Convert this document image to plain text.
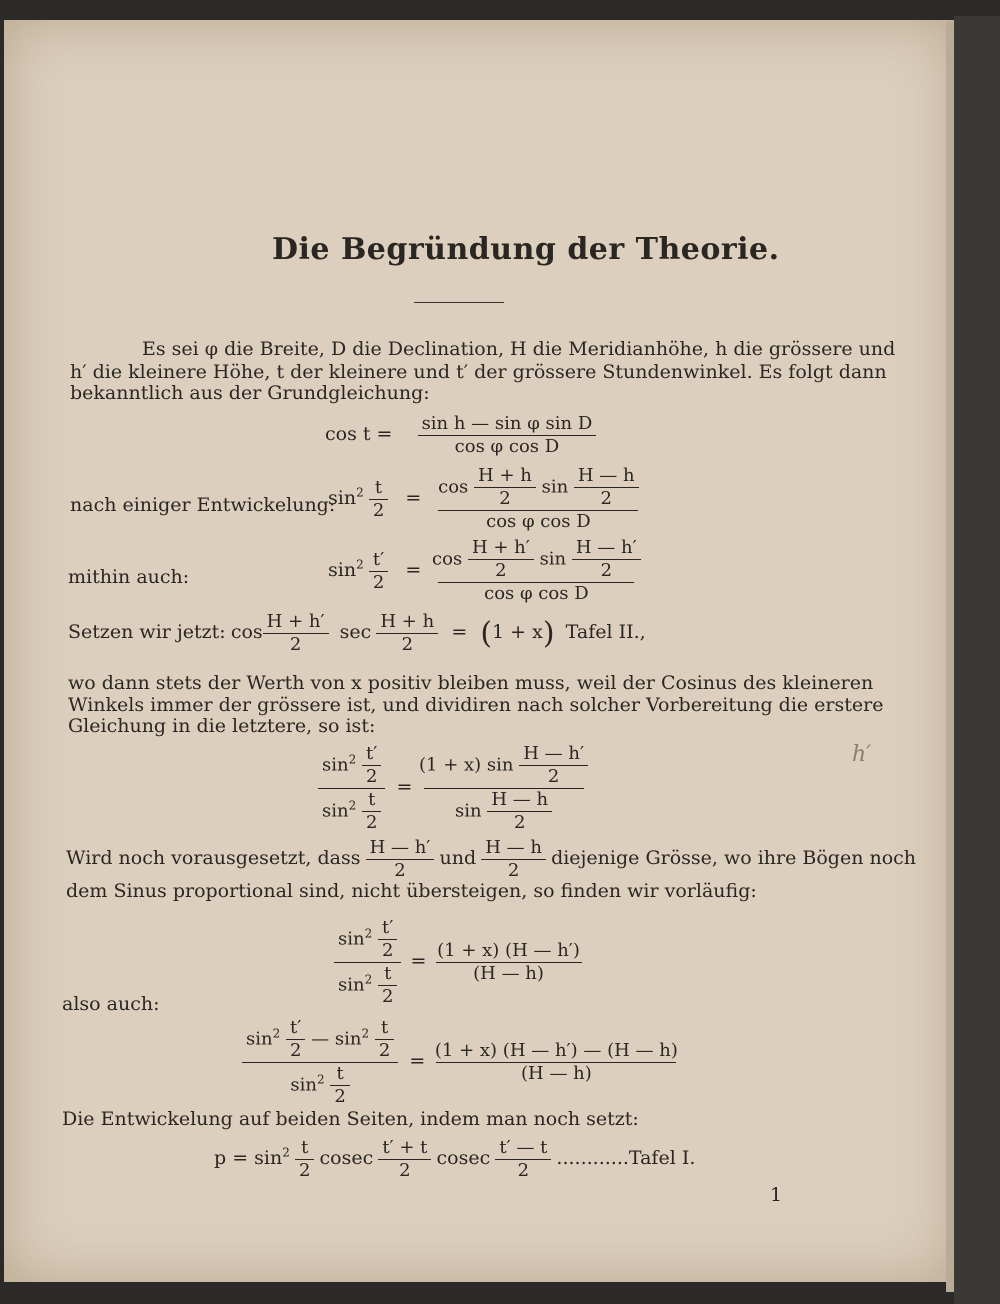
Die Begründung der Theorie.
Es sei φ die Breite, D die Declination, H die Meridianhöhe, h die grössere und
h′ die kleinere Höhe, t der kleinere und t′ der grössere Stundenwinkel. Es folgt dann
bekanntlich aus der Grundgleichung:
$\cos t = \frac{\text{sin h — sin φ sin D}}{\text{cos φ cos D}}$
nach einiger Entwickelung:
$\sin^2 \frac{t}{2} = \frac{\cos \frac{H + h}{2} \sin \frac{H — h}{2}}{\text{cos φ cos D}}$
mithin auch:	$\sin^2 \frac{t'}{2} = \frac{\cos \frac{H + h'}{2} \sin \frac{H — h'}{2}}{\text{cos φ cos D}}$
Setzen wir jetzt: $\cos \frac{H + h'}{2}$ $\sec \frac{H + h}{2} = (1 + x)$ Tafel II.,
wo dann stets der Werth von x positiv bleiben muss, weil der Cosinus des kleineren
Winkels immer der grössere ist, und dividiren nach solcher Vorbereitung die erstere
Gleichung in die letztere, so ist:
$\frac{\sin^2 \frac{t'}{2}}{\sin^2 \frac{t}{2}} = \frac{(1 + x) \sin \frac{H — h'}{2}}{\sin \frac{H — h}{2}}$	h′
Wird noch vorausgesetzt, dass $\frac{H — h'}{2}$ und $\frac{H — h}{2}$ diejenige Grösse, wo ihre Bögen noch
dem Sinus proportional sind, nicht übersteigen, so finden wir vorläufig:
$\frac{\sin^2 \frac{t'}{2}}{\sin^2 \frac{t}{2}} = \frac{(1 + x) (H — h')}{(H — h)}$
also auch:
$\frac{\sin^2 \frac{t'}{2} — \sin^2 \frac{t}{2}}{\sin^2 \frac{t}{2}} = \frac{(1 + x) (H — h') — (H — h)}{(H — h)}$
Die Entwickelung auf beiden Seiten, indem man noch setzt:
$p = \sin^2 \frac{t}{2}$ cosec $\frac{t' + t}{2}$ cosec $\frac{t' — t}{2}$ ............Tafel I.
1
